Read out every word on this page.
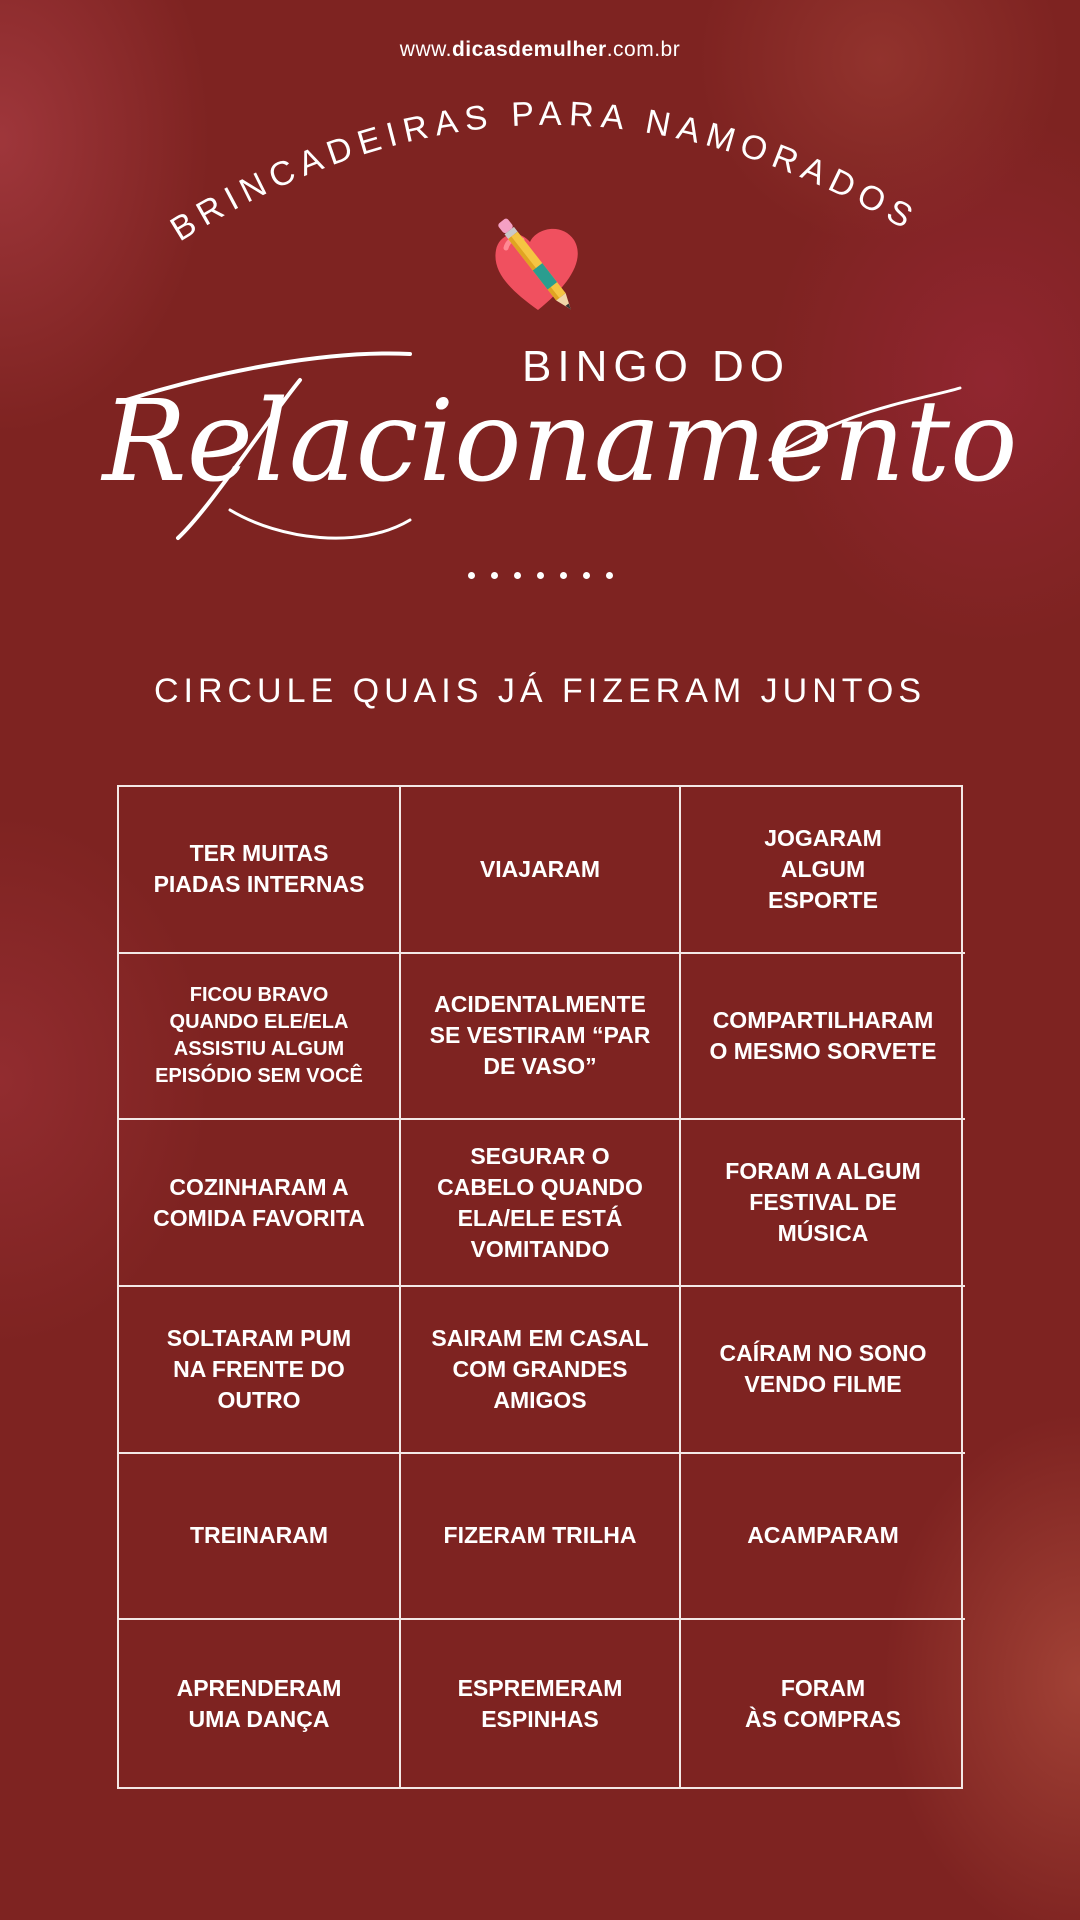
www.dicasdemulher.com.br
BRINCADEIRAS PARA NAMORADOS
BINGO DO
Relacionamento
CIRCULE QUAIS JÁ FIZERAM JUNTOS
TER MUITAS
PIADAS INTERNAS
VIAJARAM
JOGARAM
ALGUM
ESPORTE
FICOU BRAVO
QUANDO ELE/ELA
ASSISTIU ALGUM
EPISÓDIO SEM VOCÊ
ACIDENTALMENTE
SE VESTIRAM “PAR
DE VASO”
COMPARTILHARAM
O MESMO SORVETE
COZINHARAM A
COMIDA FAVORITA
SEGURAR O
CABELO QUANDO
ELA/ELE ESTÁ
VOMITANDO
FORAM A ALGUM
FESTIVAL DE
MÚSICA
SOLTARAM PUM
NA FRENTE DO
OUTRO
SAIRAM EM CASAL
COM GRANDES
AMIGOS
CAÍRAM NO SONO
VENDO FILME
TREINARAM	FIZERAM TRILHA	ACAMPARAM
APRENDERAM
UMA DANÇA
ESPREMERAM
ESPINHAS
FORAM
ÀS COMPRAS
